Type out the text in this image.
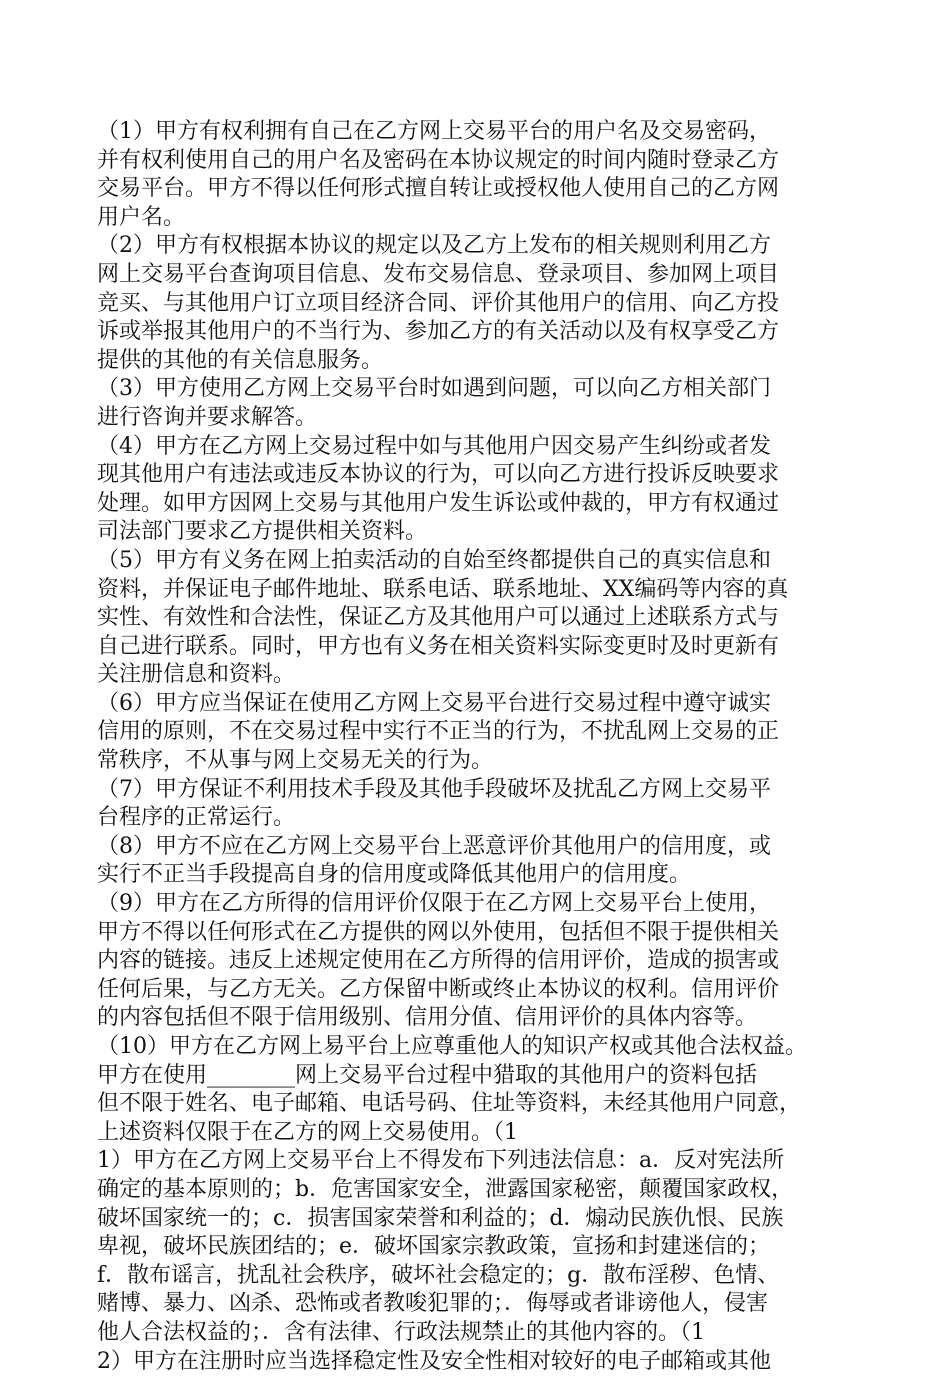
（1）甲方有权利拥有自己在乙方网上交易平台的用户名及交易密码，
并有权利使用自己的用户名及密码在本协议规定的时间内随时登录乙方
交易平台。甲方不得以任何形式擅自转让或授权他人使用自己的乙方网
用户名。
（2）甲方有权根据本协议的规定以及乙方上发布的相关规则利用乙方
网上交易平台查询项目信息、发布交易信息、登录项目、参加网上项目
竞买、与其他用户订立项目经济合同、评价其他用户的信用、向乙方投
诉或举报其他用户的不当行为、参加乙方的有关活动以及有权享受乙方
提供的其他的有关信息服务。
（3）甲方使用乙方网上交易平台时如遇到问题，可以向乙方相关部门
进行咨询并要求解答。
（4）甲方在乙方网上交易过程中如与其他用户因交易产生纠纷或者发
现其他用户有违法或违反本协议的行为，可以向乙方进行投诉反映要求
处理。如甲方因网上交易与其他用户发生诉讼或仲裁的，甲方有权通过
司法部门要求乙方提供相关资料。
（5）甲方有义务在网上拍卖活动的自始至终都提供自己的真实信息和
资料，并保证电子邮件地址、联系电话、联系地址、XX编码等内容的真
实性、有效性和合法性，保证乙方及其他用户可以通过上述联系方式与
自己进行联系。同时，甲方也有义务在相关资料实际变更时及时更新有
关注册信息和资料。
（6）甲方应当保证在使用乙方网上交易平台进行交易过程中遵守诚实
信用的原则，不在交易过程中实行不正当的行为，不扰乱网上交易的正
常秩序，不从事与网上交易无关的行为。
（7）甲方保证不利用技术手段及其他手段破坏及扰乱乙方网上交易平
台程序的正常运行。
（8）甲方不应在乙方网上交易平台上恶意评价其他用户的信用度，或
实行不正当手段提高自身的信用度或降低其他用户的信用度。
（9）甲方在乙方所得的信用评价仅限于在乙方网上交易平台上使用，
甲方不得以任何形式在乙方提供的网以外使用，包括但不限于提供相关
内容的链接。违反上述规定使用在乙方所得的信用评价，造成的损害或
任何后果，与乙方无关。乙方保留中断或终止本协议的权利。信用评价
的内容包括但不限于信用级别、信用分值、信用评价的具体内容等。
（10）甲方在乙方网上易平台上应尊重他人的知识产权或其他合法权益。
甲方在使用________网上交易平台过程中猎取的其他用户的资料包括
但不限于姓名、电子邮箱、电话号码、住址等资料，未经其他用户同意，
上述资料仅限于在乙方的网上交易使用。（1
1）甲方在乙方网上交易平台上不得发布下列违法信息：a．反对宪法所
确定的基本原则的；b．危害国家安全，泄露国家秘密，颠覆国家政权，
破坏国家统一的；c．损害国家荣誉和利益的；d．煽动民族仇恨、民族
卑视，破坏民族团结的；e．破坏国家宗教政策，宣扬和封建迷信的；
f．散布谣言，扰乱社会秩序，破坏社会稳定的；g．散布淫秽、色情、
赌博、暴力、凶杀、恐怖或者教唆犯罪的；．侮辱或者诽谤他人，侵害
他人合法权益的；．含有法律、行政法规禁止的其他内容的。（1
2）甲方在注册时应当选择稳定性及安全性相对较好的电子邮箱或其他
